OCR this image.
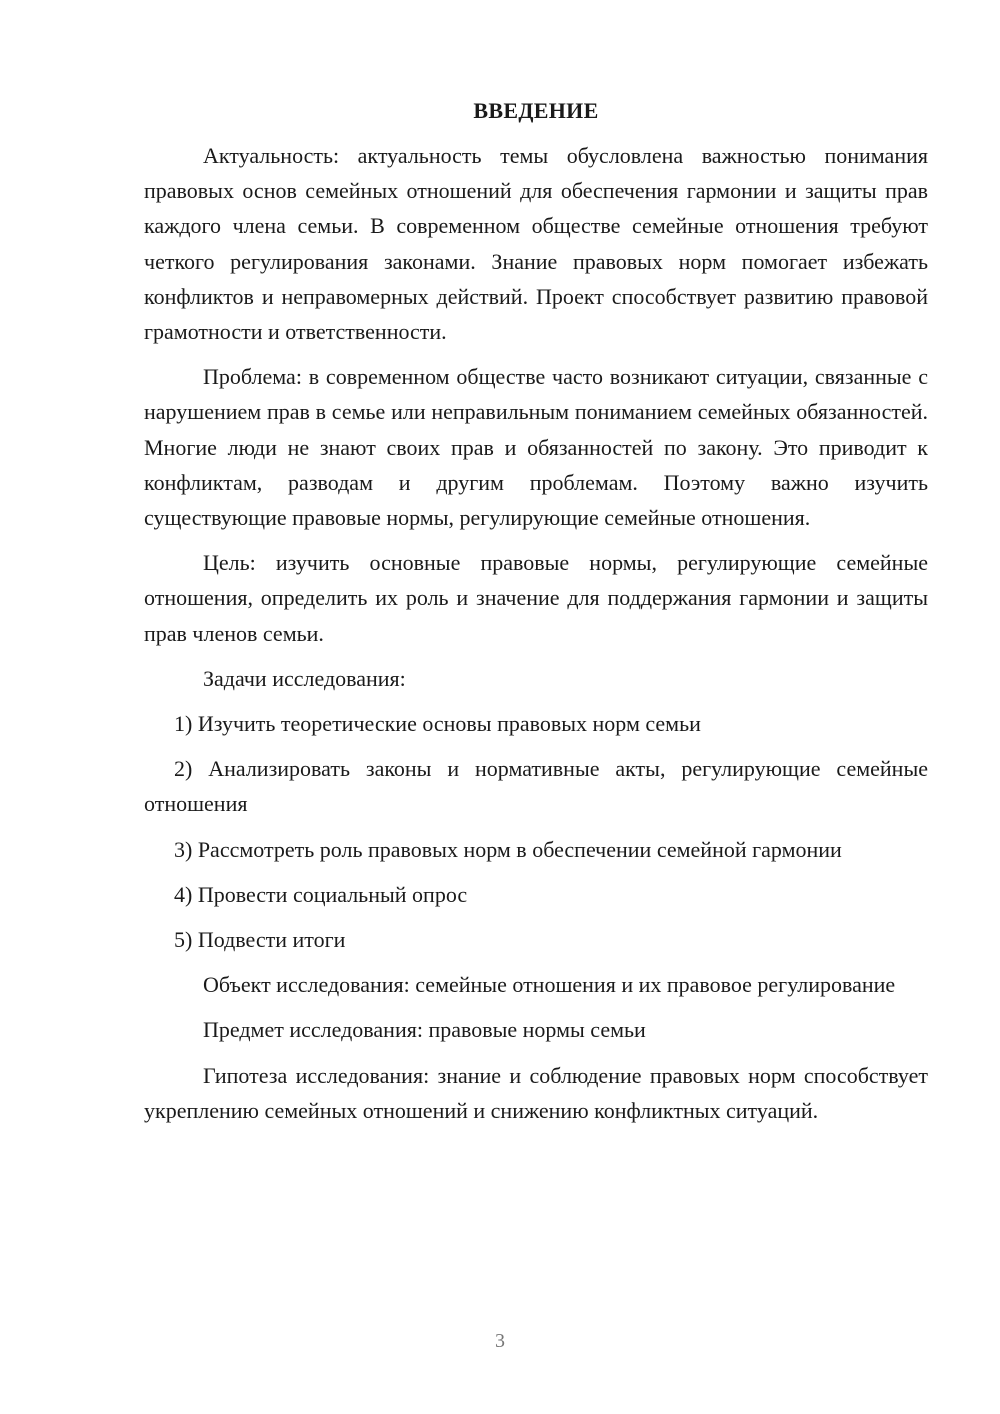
ВВЕДЕНИЕ

Актуальность: актуальность темы обусловлена важностью понимания правовых основ семейных отношений для обеспечения гармонии и защиты прав каждого члена семьи. В современном обществе семейные отношения требуют четкого регулирования законами. Знание правовых норм помогает избежать конфликтов и неправомерных действий. Проект способствует развитию правовой грамотности и ответственности.

Проблема: в современном обществе часто возникают ситуации, связанные с нарушением прав в семье или неправильным пониманием семейных обязанностей. Многие люди не знают своих прав и обязанностей по закону. Это приводит к конфликтам, разводам и другим проблемам. Поэтому важно изучить существующие правовые нормы, регулирующие семейные отношения.

Цель: изучить основные правовые нормы, регулирующие семейные отношения, определить их роль и значение для поддержания гармонии и защиты прав членов семьи.

Задачи исследования:

1) Изучить теоретические основы правовых норм семьи

2) Анализировать законы и нормативные акты, регулирующие семейные отношения

3) Рассмотреть роль правовых норм в обеспечении семейной гармонии

4) Провести социальный опрос

5) Подвести итоги

Объект исследования: семейные отношения и их правовое регулирование

Предмет исследования: правовые нормы семьи

Гипотеза исследования: знание и соблюдение правовых норм способствует укреплению семейных отношений и снижению конфликтных ситуаций.

3
